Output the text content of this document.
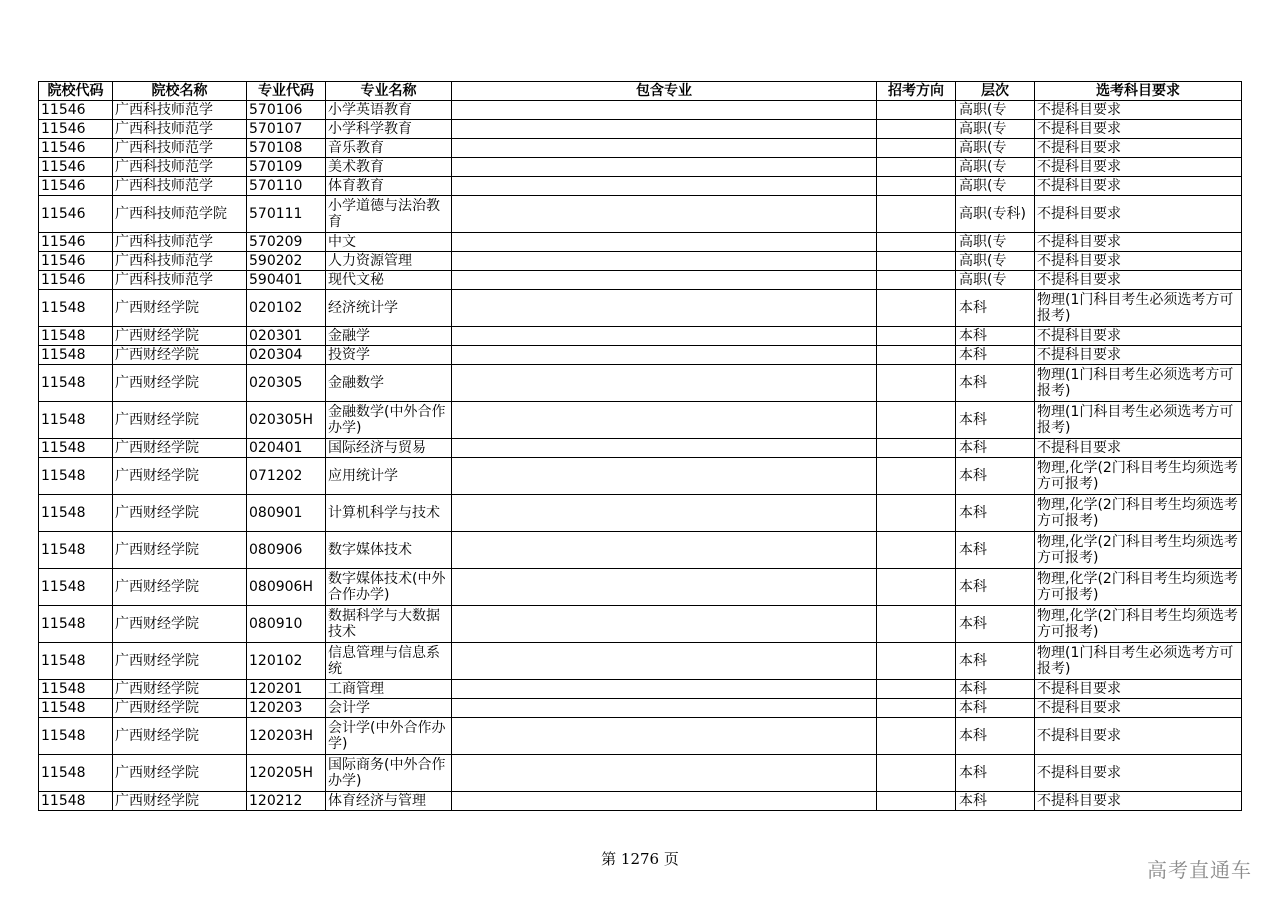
院校代码	院校名称	专业代码	专业名称	包含专业	招考方向	层次	选考科目要求
11546	广西科技师范学	570106	小学英语教育			高职(专	不提科目要求
11546	广西科技师范学	570107	小学科学教育			高职(专	不提科目要求
11546	广西科技师范学	570108	音乐教育			高职(专	不提科目要求
11546	广西科技师范学	570109	美术教育			高职(专	不提科目要求
11546	广西科技师范学	570110	体育教育			高职(专	不提科目要求
11546	广西科技师范学院	570111	小学道德与法治教育			高职(专科)	不提科目要求
11546	广西科技师范学	570209	中文			高职(专	不提科目要求
11546	广西科技师范学	590202	人力资源管理			高职(专	不提科目要求
11546	广西科技师范学	590401	现代文秘			高职(专	不提科目要求
11548	广西财经学院	020102	经济统计学			本科	物理(1门科目考生必须选考方可报考)
11548	广西财经学院	020301	金融学			本科	不提科目要求
11548	广西财经学院	020304	投资学			本科	不提科目要求
11548	广西财经学院	020305	金融数学			本科	物理(1门科目考生必须选考方可报考)
11548	广西财经学院	020305H	金融数学(中外合作办学)			本科	物理(1门科目考生必须选考方可报考)
11548	广西财经学院	020401	国际经济与贸易			本科	不提科目要求
11548	广西财经学院	071202	应用统计学			本科	物理,化学(2门科目考生均须选考方可报考)
11548	广西财经学院	080901	计算机科学与技术			本科	物理,化学(2门科目考生均须选考方可报考)
11548	广西财经学院	080906	数字媒体技术			本科	物理,化学(2门科目考生均须选考方可报考)
11548	广西财经学院	080906H	数字媒体技术(中外合作办学)			本科	物理,化学(2门科目考生均须选考方可报考)
11548	广西财经学院	080910	数据科学与大数据技术			本科	物理,化学(2门科目考生均须选考方可报考)
11548	广西财经学院	120102	信息管理与信息系统			本科	物理(1门科目考生必须选考方可报考)
11548	广西财经学院	120201	工商管理			本科	不提科目要求
11548	广西财经学院	120203	会计学			本科	不提科目要求
11548	广西财经学院	120203H	会计学(中外合作办学)			本科	不提科目要求
11548	广西财经学院	120205H	国际商务(中外合作办学)			本科	不提科目要求
11548	广西财经学院	120212	体育经济与管理			本科	不提科目要求
第 1276 页	高考直通车
